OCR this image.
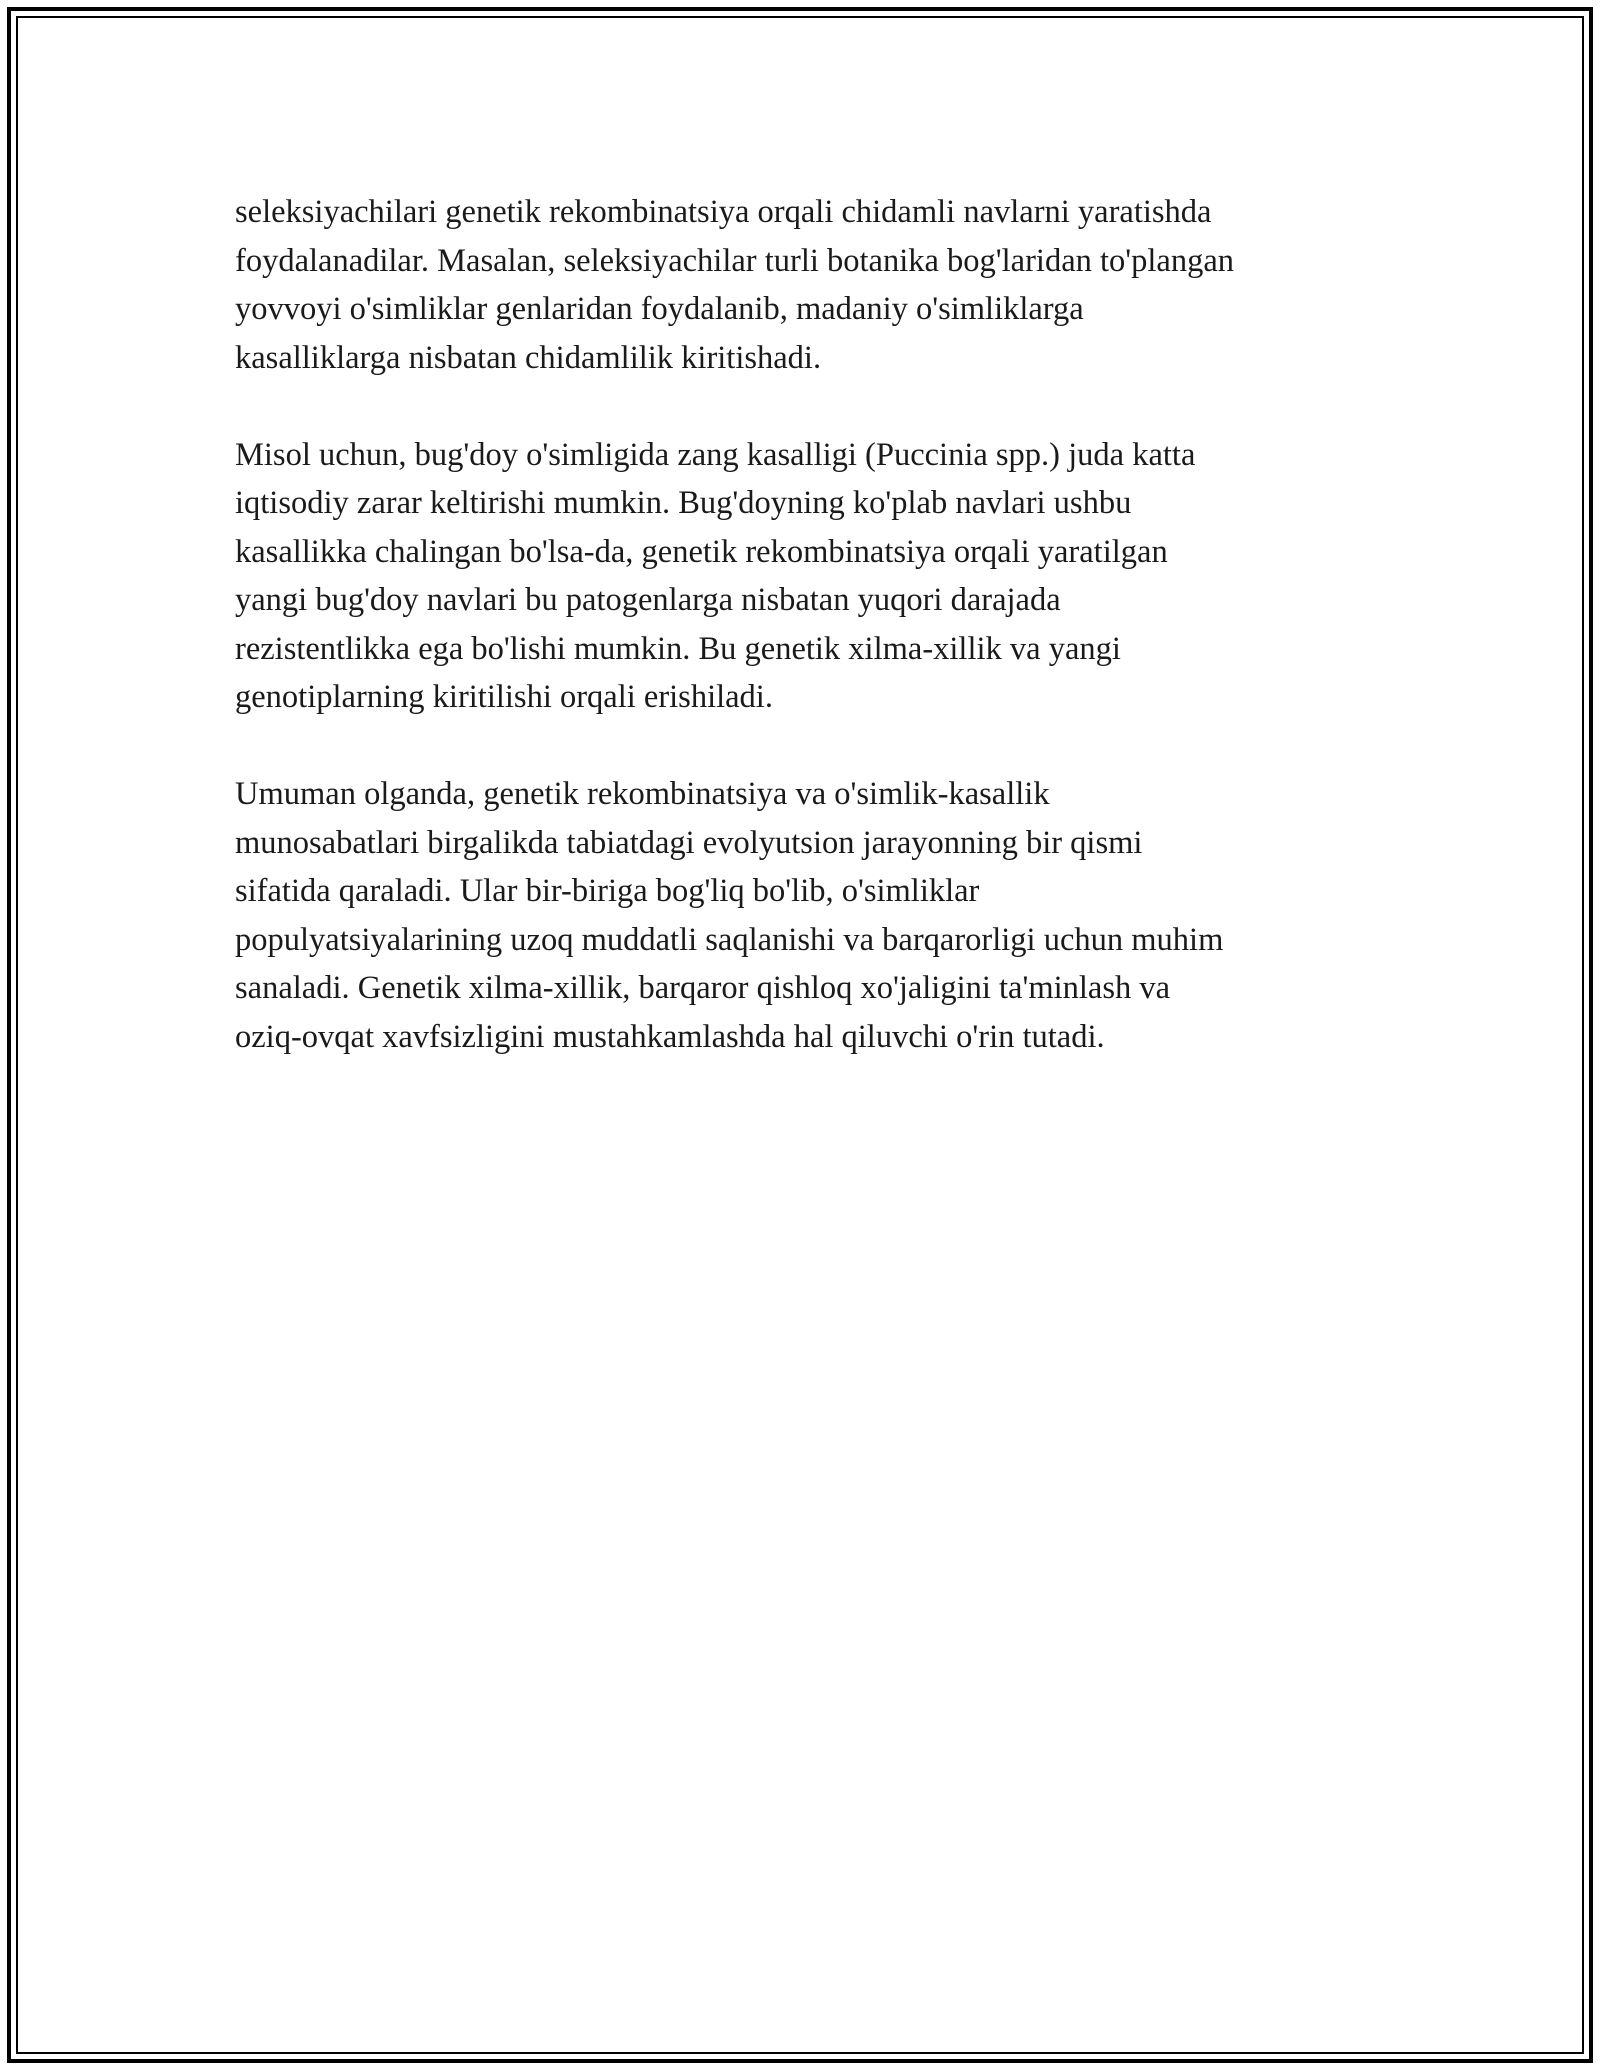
seleksiyachilari genetik rekombinatsiya orqali chidamli navlarni yaratishda
foydalanadilar. Masalan, seleksiyachilar turli botanika bog'laridan to'plangan
yovvoyi o'simliklar genlaridan foydalanib, madaniy o'simliklarga
kasalliklarga nisbatan chidamlilik kiritishadi.

Misol uchun, bug'doy o'simligida zang kasalligi (Puccinia spp.) juda katta
iqtisodiy zarar keltirishi mumkin. Bug'doyning ko'plab navlari ushbu
kasallikka chalingan bo'lsa-da, genetik rekombinatsiya orqali yaratilgan
yangi bug'doy navlari bu patogenlarga nisbatan yuqori darajada
rezistentlikka ega bo'lishi mumkin. Bu genetik xilma-xillik va yangi
genotiplarning kiritilishi orqali erishiladi.

Umuman olganda, genetik rekombinatsiya va o'simlik-kasallik
munosabatlari birgalikda tabiatdagi evolyutsion jarayonning bir qismi
sifatida qaraladi. Ular bir-biriga bog'liq bo'lib, o'simliklar
populyatsiyalarining uzoq muddatli saqlanishi va barqarorligi uchun muhim
sanaladi. Genetik xilma-xillik, barqaror qishloq xo'jaligini ta'minlash va
oziq-ovqat xavfsizligini mustahkamlashda hal qiluvchi o'rin tutadi.
